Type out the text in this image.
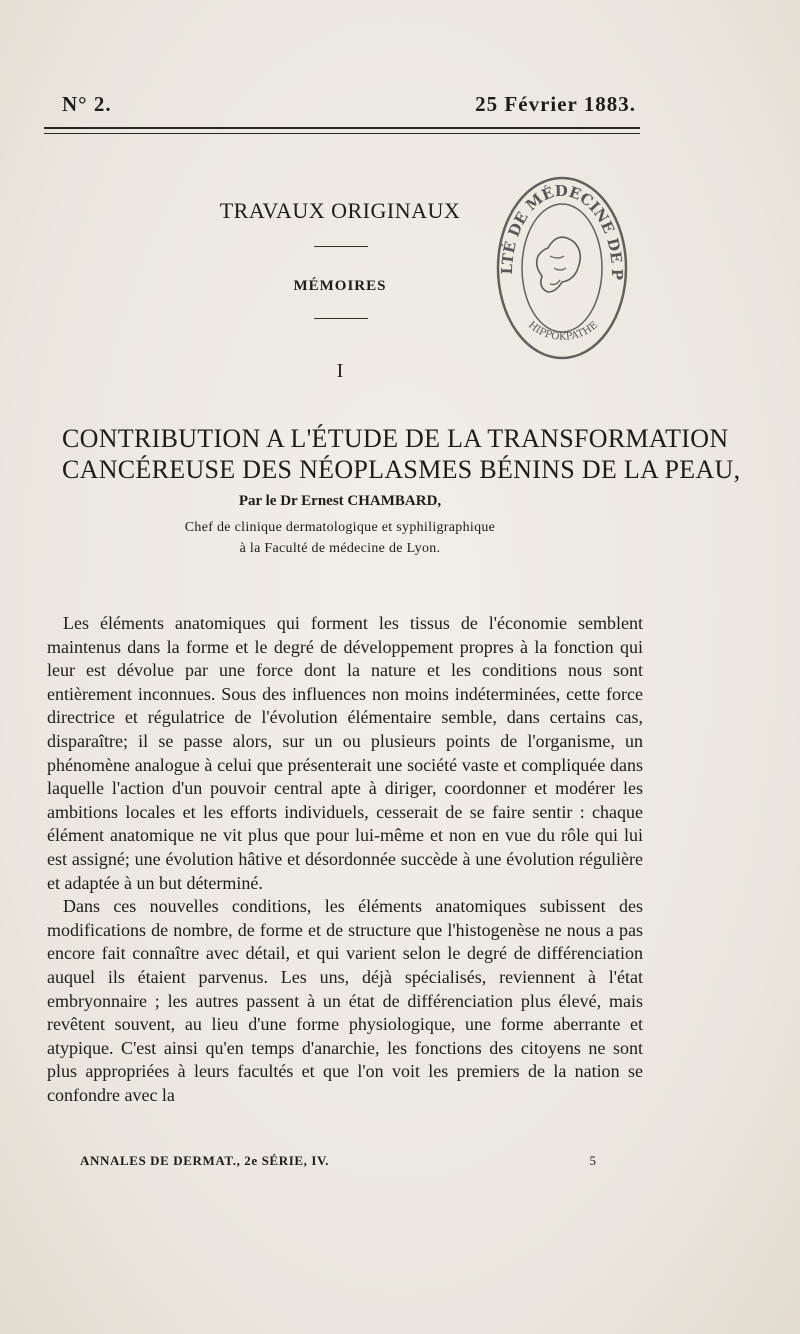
N° 2.	25 Février 1883.
TRAVAUX ORIGINAUX
MÉMOIRES
I
CONTRIBUTION A L'ÉTUDE DE LA TRANSFORMATION
CANCÉREUSE DES NÉOPLASMES BÉNINS DE LA PEAU,
Par le Dr Ernest CHAMBARD,
Chef de clinique dermatologique et syphiligraphique
à la Faculté de médecine de Lyon.

Les éléments anatomiques qui forment les tissus de l'économie semblent maintenus dans la forme et le degré de développement propres à la fonction qui leur est dévolue par une force dont la nature et les conditions nous sont entièrement inconnues. Sous des influences non moins indéterminées, cette force directrice et régulatrice de l'évolution élémentaire semble, dans certains cas, disparaître; il se passe alors, sur un ou plusieurs points de l'organisme, un phénomène analogue à celui que présenterait une société vaste et compliquée dans laquelle l'action d'un pouvoir central apte à diriger, coordonner et modérer les ambitions locales et les efforts individuels, cesserait de se faire sentir : chaque élément anatomique ne vit plus que pour lui-même et non en vue du rôle qui lui est assigné; une évolution hâtive et désordonnée succède à une évolution régulière et adaptée à un but déterminé.

Dans ces nouvelles conditions, les éléments anatomiques subissent des modifications de nombre, de forme et de structure que l'histogenèse ne nous a pas encore fait connaître avec détail, et qui varient selon le degré de différenciation auquel ils étaient parvenus. Les uns, déjà spécialisés, reviennent à l'état embryonnaire ; les autres passent à un état de différenciation plus élevé, mais revêtent souvent, au lieu d'une forme physiologique, une forme aberrante et atypique. C'est ainsi qu'en temps d'anarchie, les fonctions des citoyens ne sont plus appropriées à leurs facultés et que l'on voit les premiers de la nation se confondre avec la

ANNALES DE DERMAT., 2e SÉRIE, IV.	5
LTÉ DE MÉDECINE DE P
HIPPOKPATHE
